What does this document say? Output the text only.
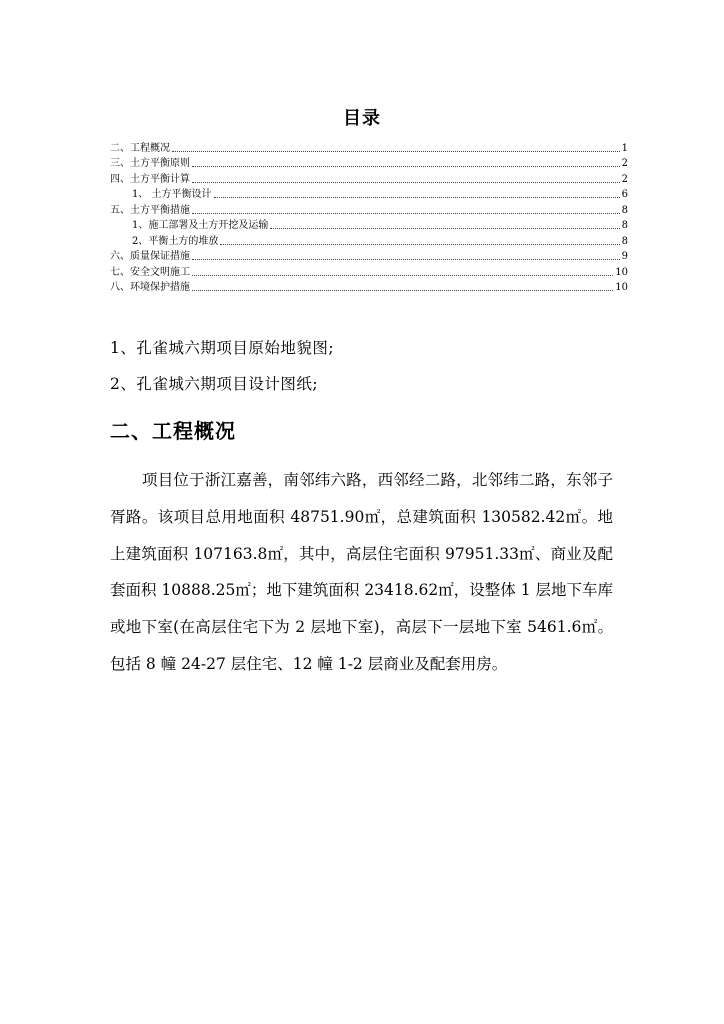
目录
二、工程概况	1
三、土方平衡原则	2
四、土方平衡计算	2
1、 土方平衡设计	6
五、土方平衡措施	8
1、施工部署及土方开挖及运输	8
2、平衡土方的堆放	8
六、质量保证措施	9
七、安全文明施工	10
八、环境保护措施	10
1、孔雀城六期项目原始地貌图;
2、孔雀城六期项目设计图纸;
二、工程概况
项目位于浙江嘉善，南邻纬六路，西邻经二路，北邻纬二路，东邻子胥路。该项目总用地面积 48751.90㎡，总建筑面积 130582.42㎡。地上建筑面积 107163.8㎡，其中，高层住宅面积 97951.33㎡、商业及配套面积 10888.25㎡；地下建筑面积 23418.62㎡，设整体 1 层地下车库或地下室(在高层住宅下为 2 层地下室)，高层下一层地下室 5461.6㎡。包括 8 幢 24-27 层住宅、12 幢 1-2 层商业及配套用房。
